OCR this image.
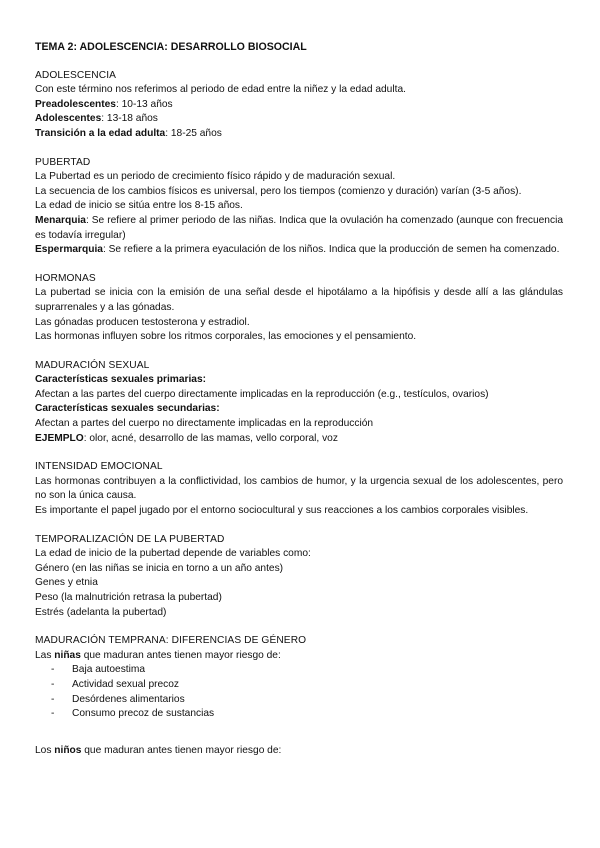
TEMA 2: ADOLESCENCIA: DESARROLLO BIOSOCIAL
ADOLESCENCIA

Con este término nos referimos al periodo de edad entre la niñez y la edad adulta.

Preadolescentes: 10-13 años

Adolescentes: 13-18 años

Transición a la edad adulta: 18-25 años

PUBERTAD

La Pubertad es un periodo de crecimiento físico rápido y de maduración sexual.

La secuencia de los cambios físicos es universal, pero los tiempos (comienzo y duración) varían (3-5 años).

La edad de inicio se sitúa entre los 8-15 años.

Menarquia: Se refiere al primer periodo de las niñas. Indica que la ovulación ha comenzado (aunque con frecuencia es todavía irregular)

Espermarquia: Se refiere a la primera eyaculación de los niños. Indica que la producción de semen ha comenzado.

HORMONAS

La pubertad se inicia con la emisión de una señal desde el hipotálamo a la hipófisis y desde allí a las glándulas suprarrenales y a las gónadas.

Las gónadas producen testosterona y estradiol.

Las hormonas influyen sobre los ritmos corporales, las emociones y el pensamiento.

MADURACIÓN SEXUAL

Características sexuales primarias:

Afectan a las partes del cuerpo directamente implicadas en la reproducción (e.g., testículos, ovarios)

Características sexuales secundarias:

Afectan a partes del cuerpo no directamente implicadas en la reproducción

EJEMPLO: olor, acné, desarrollo de las mamas, vello corporal, voz

INTENSIDAD EMOCIONAL

Las hormonas contribuyen a la conflictividad, los cambios de humor, y la urgencia sexual de los adolescentes, pero no son la única causa.

Es importante el papel jugado por el entorno sociocultural y sus reacciones a los cambios corporales visibles.

TEMPORALIZACIÓN DE LA PUBERTAD

La edad de inicio de la pubertad depende de variables como:

Género (en las niñas se inicia en torno a un año antes)

Genes y etnia

Peso (la malnutrición retrasa la pubertad)

Estrés (adelanta la pubertad)

MADURACIÓN TEMPRANA: DIFERENCIAS DE GÉNERO

Las niñas que maduran antes tienen mayor riesgo de:

- Baja autoestima
- Actividad sexual precoz
- Desórdenes alimentarios
- Consumo precoz de sustancias

Los niños que maduran antes tienen mayor riesgo de:
